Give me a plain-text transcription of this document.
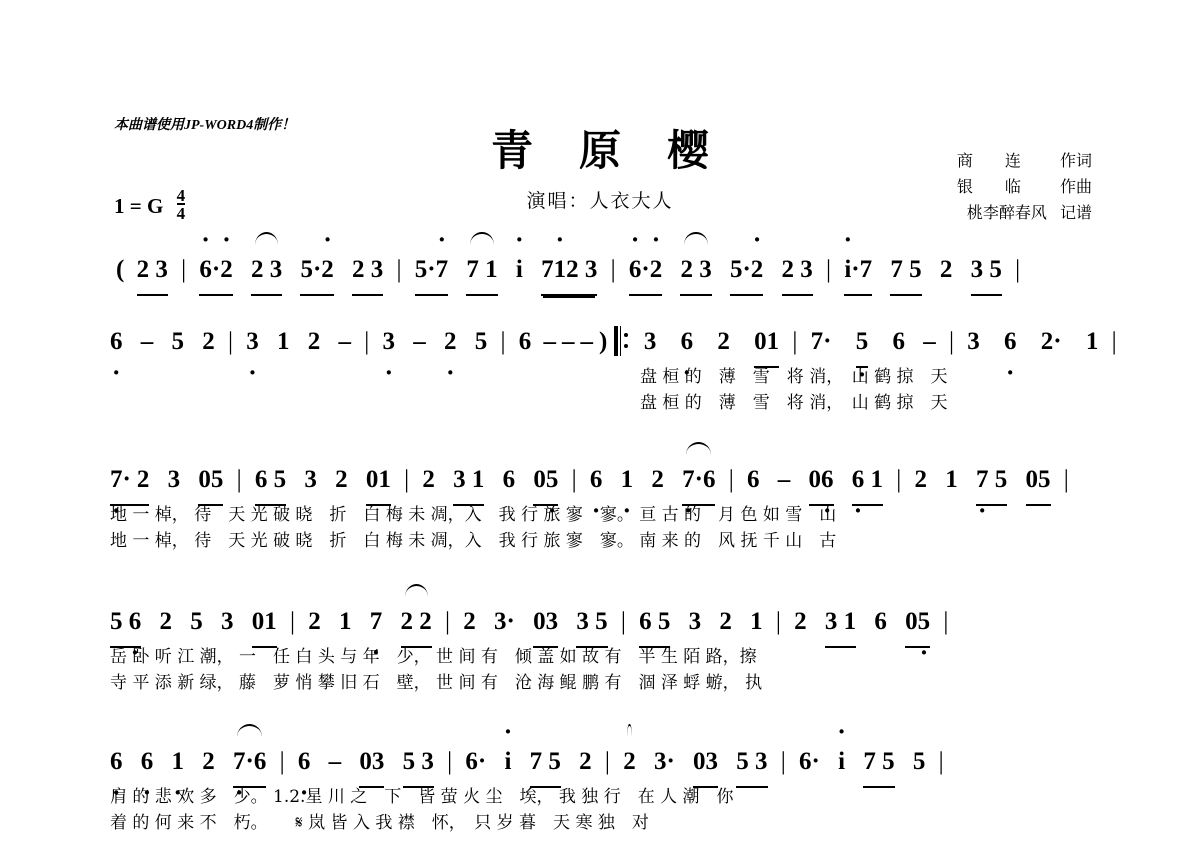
本曲谱使用JP-WORD4制作！
青原樱
演唱：人衣大人
商　　连 作词
银　　临 作曲
桃李醉春风 记谱
1 = G $\frac{4}{4}$
( 2 3 | 6 ··2 · 2 3 5·2 · 2 3 | 5·7 · 7 1 i · 71 ·2 3 | 6 ··2 · 2 3 5·2 · 2 3 | i ··7 7 5 2 3 5 |
6 · – 5 2 | 3 · 1 2 – | 3 · – 2 · 5 | 6 – – – )
3 6 · 2 01 | 7· 5 · 6 – | 3 6 · 2· 1 |
盘 桓 的　薄　雪　将 消，　山 鹤 掠　天
盘 桓 的　薄　雪　将 消，　山 鹤 掠　天
7 ·· 2 3 05 | 6 5 3 2 01 | 2 3 1 6 05 · | 6 · 1 · 2 7 ··6 | 6 – 06 · 6 · 1 | 2 1 7 · 5 05 |
地 一 棹， 待　天 光 破 晓　折　白 梅 未 凋，入　我 行 旅 寥　寥。 亘 古 的　月 色 如 雪　山
地 一 棹， 待　天 光 破 晓　折　白 梅 未 凋，入　我 行 旅 寥　寥。 南 来 的　风 抚 千 山　古
5 6 · 2 5 3 01 | 2 1 7 · 2 2 | 2 3· 03 3 5 | 6 5 3 2 1 | 2 3 1 6 05 · |
岳 卧 听 江 潮， 一　任 白 头 与 年　少， 世 间 有　倾 盖 如 故 有　半 生 陌 路，擦
寺 平 添 新 绿， 藤　萝 悄 攀 旧 石　壁， 世 间 有　沧 海 鲲 鹏 有　涸 泽 蜉 蝣， 执
6 · 6 · 1 · 2 7 ··6 | 6 · – 03 5 3 | 6· i · 7 5 2 | 2 3· 03 5 3 | 6· i · 7 5 5 |
肩 的 悲 欢 多　少。 1.2.星 川 之　下　皆 萤 火 尘　埃， 我 独 行　在 人 潮　你
着 的 何 来 不　朽。 　 𝄋 岚 皆 入 我 襟　怀，　只 岁 暮　天 寒 独　对
